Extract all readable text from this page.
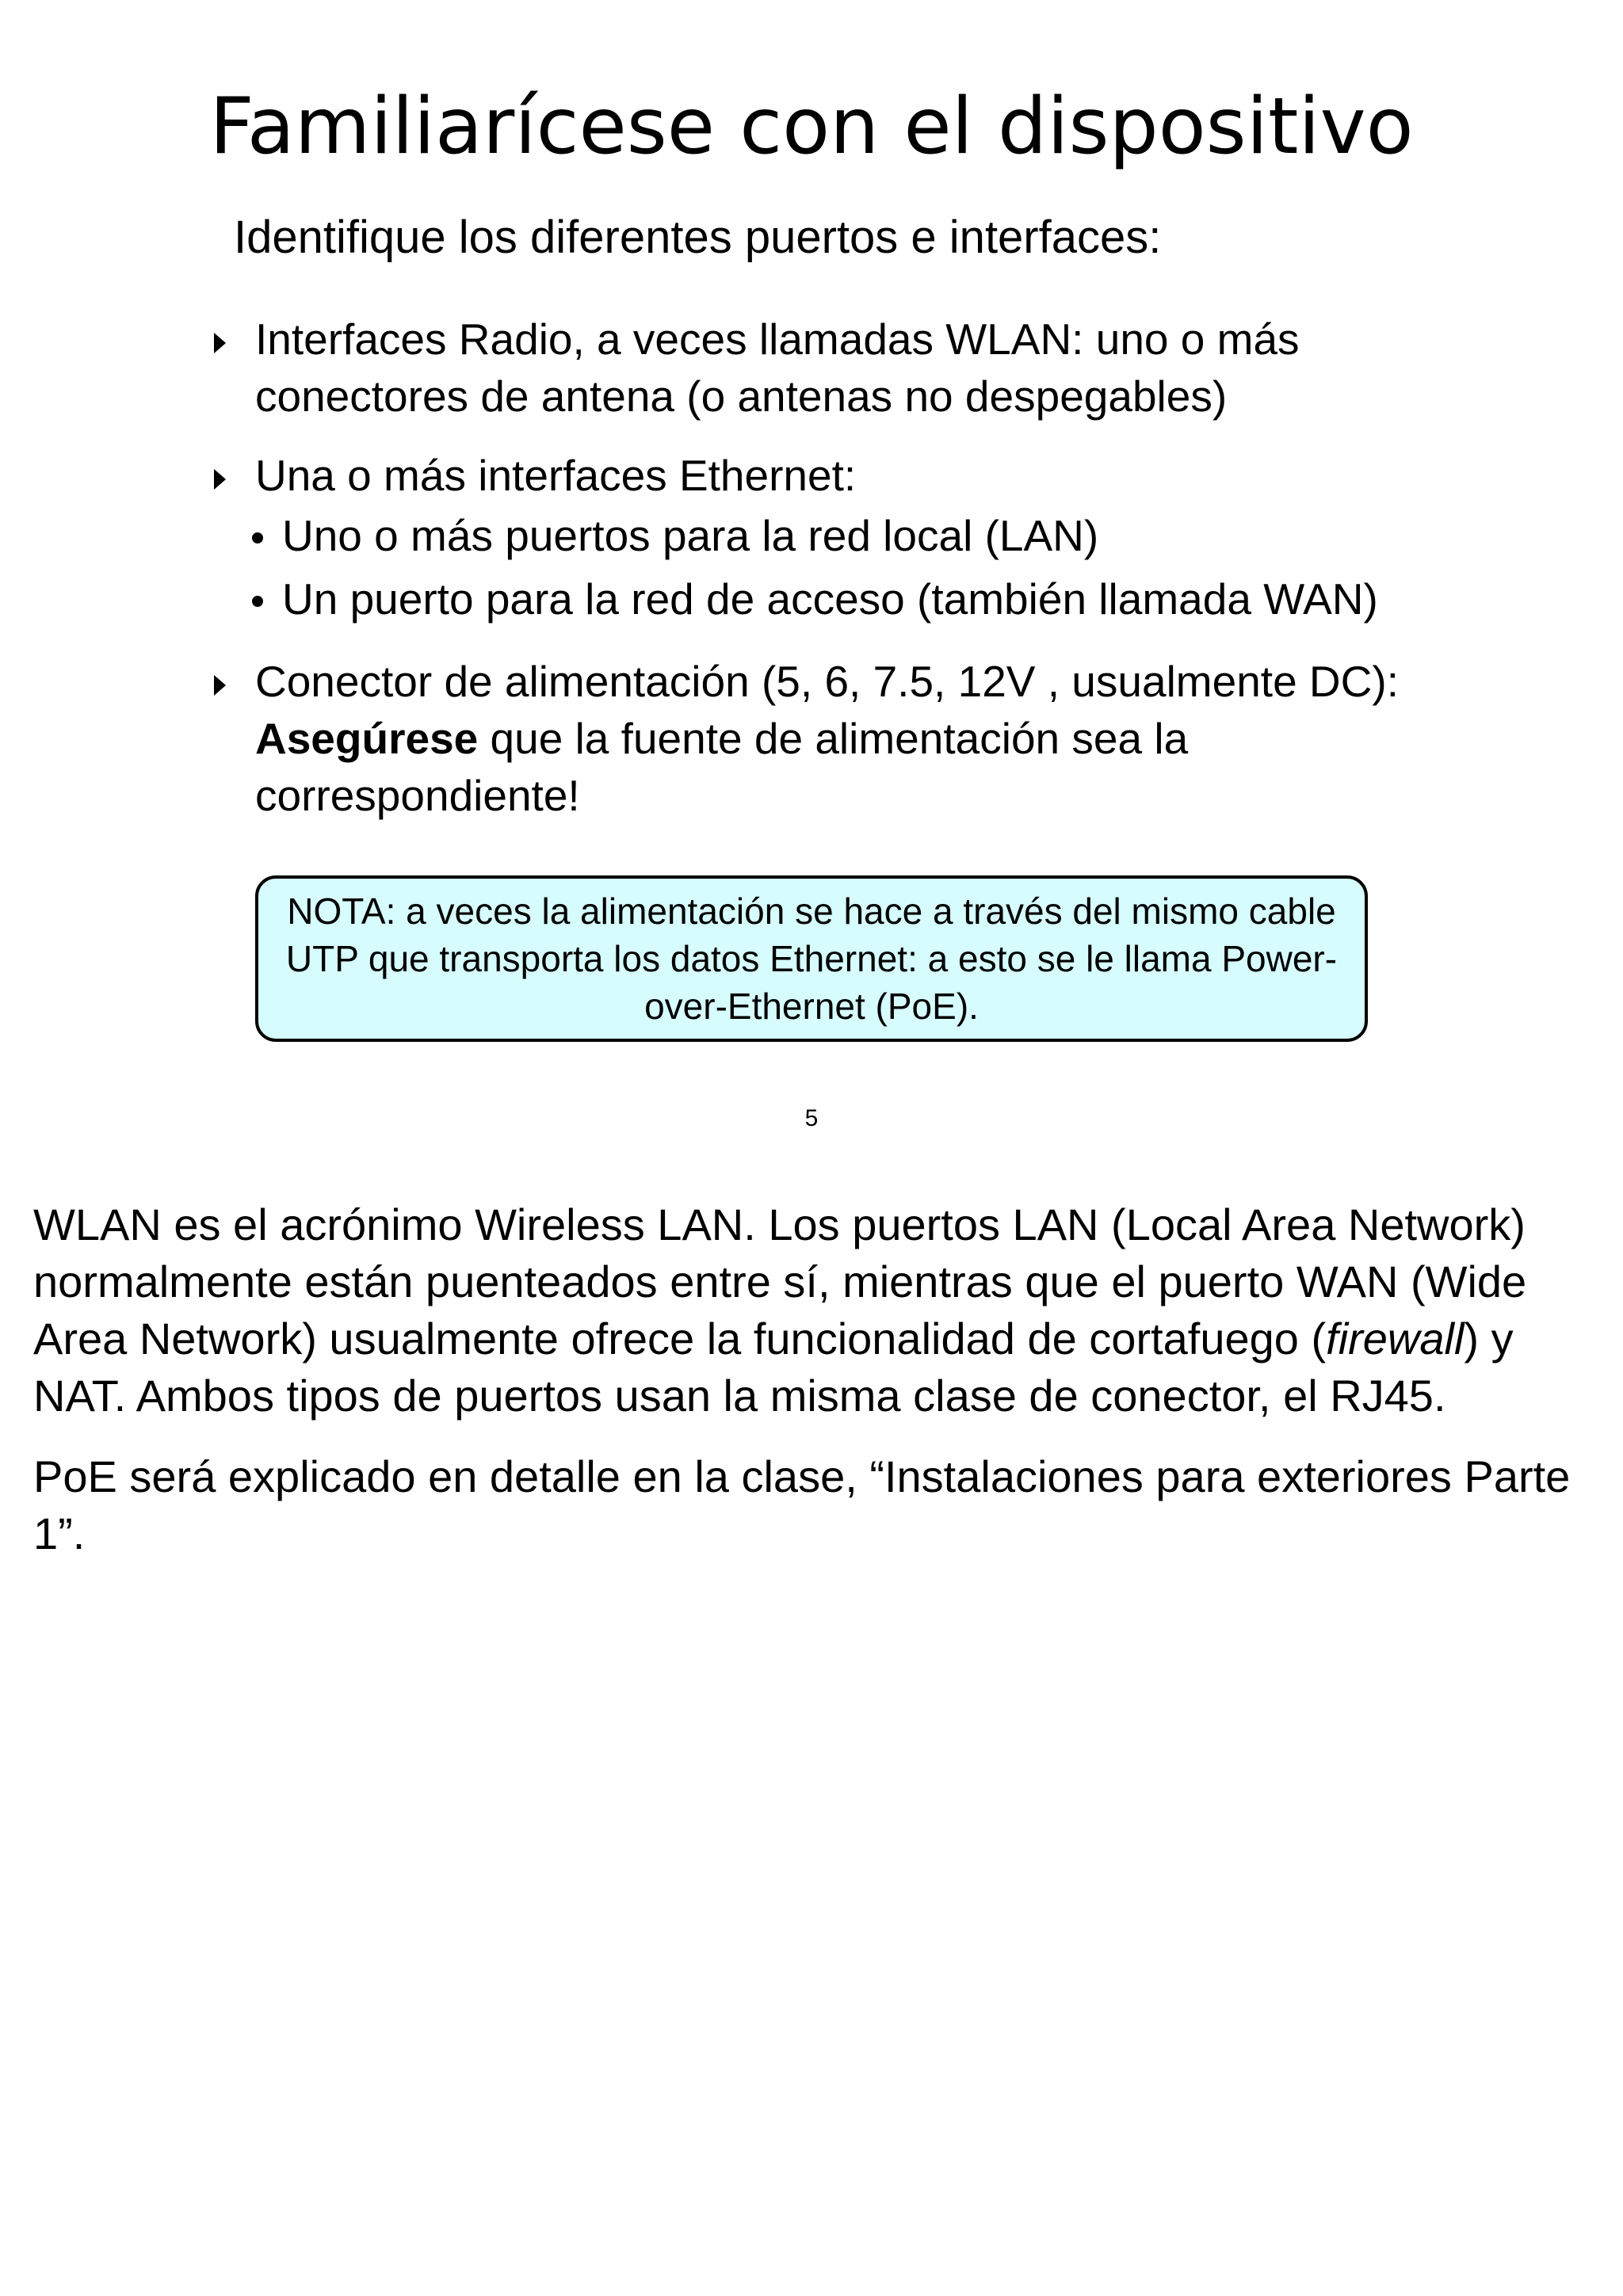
Familiarícese con el dispositivo
Identifique los diferentes puertos e interfaces:
Interfaces Radio, a veces llamadas WLAN: uno o más conectores de antena (o antenas no despegables)
Una o más interfaces Ethernet:
Uno o más puertos para la red local (LAN)
Un puerto para la red de acceso (también llamada WAN)
Conector de alimentación (5, 6, 7.5, 12V , usualmente DC): Asegúrese que la fuente de alimentación sea la correspondiente!
NOTA: a veces la alimentación se hace a través del mismo cable UTP que transporta los datos Ethernet: a esto se le llama Power-over-Ethernet (PoE).
5

WLAN es el acrónimo Wireless LAN. Los puertos LAN (Local Area Network) normalmente están puenteados entre sí, mientras que el puerto WAN (Wide Area Network) usualmente ofrece la funcionalidad de cortafuego (firewall) y NAT. Ambos tipos de puertos usan la misma clase de conector, el RJ45.

PoE será explicado en detalle en la clase, “Instalaciones para exteriores Parte 1”.
